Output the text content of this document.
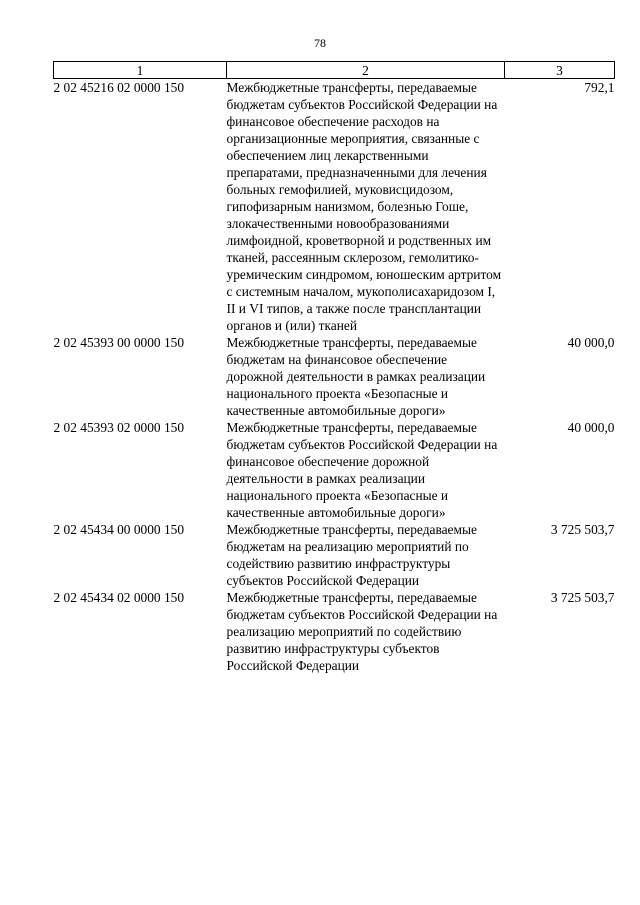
78
1	2	3
2 02 45216 02 0000 150	Межбюджетные трансферты, передаваемые бюджетам субъектов Российской Федерации на финансовое обеспечение расходов на организационные мероприятия, связанные с обеспечением лиц лекарственными препаратами, предназначенными для лечения больных гемофилией, муковисцидозом, гипофизарным нанизмом, болезнью Гоше, злокачественными новообразованиями лимфоидной, кроветворной и родственных им тканей, рассеянным склерозом, гемолитико-уремическим синдромом, юношеским артритом с системным началом, мукополисахаридозом I, II и VI типов, а также после трансплантации органов и (или) тканей	792,1
2 02 45393 00 0000 150	Межбюджетные трансферты, передаваемые бюджетам на финансовое обеспечение дорожной деятельности в рамках реализации национального проекта «Безопасные и качественные автомобильные дороги»	40 000,0
2 02 45393 02 0000 150	Межбюджетные трансферты, передаваемые бюджетам субъектов Российской Федерации на финансовое обеспечение дорожной деятельности в рамках реализации национального проекта «Безопасные и качественные автомобильные дороги»	40 000,0
2 02 45434 00 0000 150	Межбюджетные трансферты, передаваемые бюджетам на реализацию мероприятий по содействию развитию инфраструктуры субъектов Российской Федерации	3 725 503,7
2 02 45434 02 0000 150	Межбюджетные трансферты, передаваемые бюджетам субъектов Российской Федерации на реализацию мероприятий по содействию развитию инфраструктуры субъектов Российской Федерации	3 725 503,7
